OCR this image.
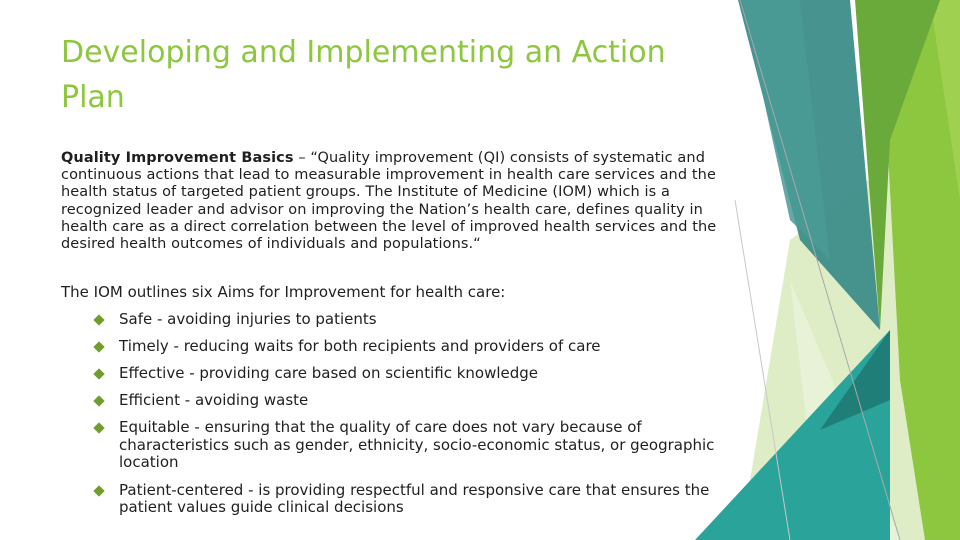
Developing and Implementing an Action Plan
Quality Improvement Basics – “Quality improvement (QI) consists of systematic and continuous actions that lead to measurable improvement in health care services and the health status of targeted patient groups. The Institute of Medicine (IOM) which is a recognized leader and advisor on improving the Nation’s health care, defines quality in health care as a direct correlation between the level of improved health services and the desired health outcomes of individuals and populations.“
The IOM outlines six Aims for Improvement for health care:
Safe - avoiding injuries to patients
Timely - reducing waits for both recipients and providers of care
Effective - providing care based on scientific knowledge
Efficient - avoiding waste
Equitable - ensuring that the quality of care does not vary because of characteristics such as gender, ethnicity, socio-economic status, or geographic location
Patient-centered - is providing respectful and responsive care that ensures the patient values guide clinical decisions
